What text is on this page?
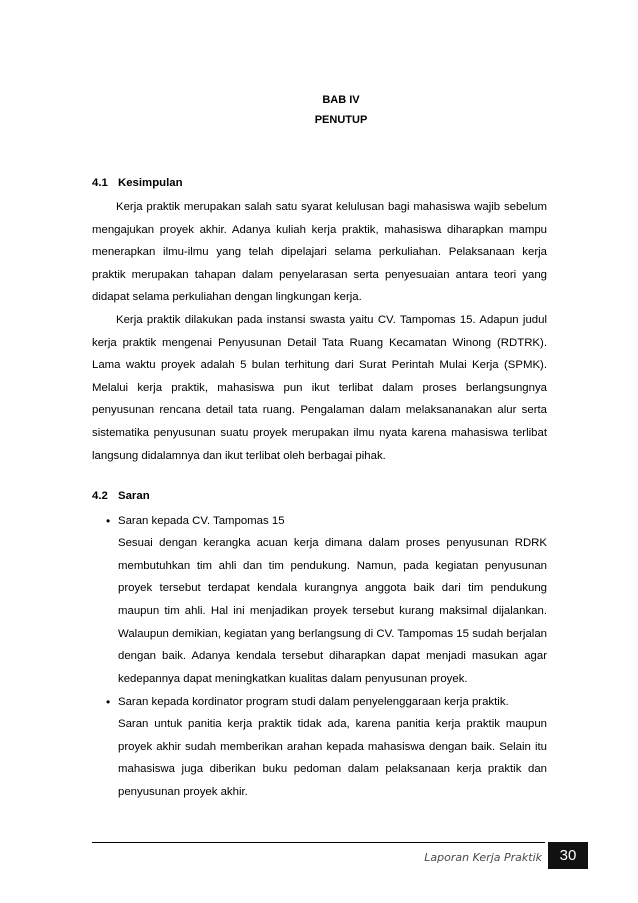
BAB IV
PENUTUP
4.1 Kesimpulan

Kerja praktik merupakan salah satu syarat kelulusan bagi mahasiswa wajib sebelum mengajukan proyek akhir. Adanya kuliah kerja praktik, mahasiswa diharapkan mampu menerapkan ilmu-ilmu yang telah dipelajari selama perkuliahan. Pelaksanaan kerja praktik merupakan tahapan dalam penyelarasan serta penyesuaian antara teori yang didapat selama perkuliahan dengan lingkungan kerja.

Kerja praktik dilakukan pada instansi swasta yaitu CV. Tampomas 15. Adapun judul kerja praktik mengenai Penyusunan Detail Tata Ruang Kecamatan Winong (RDTRK). Lama waktu proyek adalah 5 bulan terhitung dari Surat Perintah Mulai Kerja (SPMK). Melalui kerja praktik, mahasiswa pun ikut terlibat dalam proses berlangsungnya penyusunan rencana detail tata ruang. Pengalaman dalam melaksananakan alur serta sistematika penyusunan suatu proyek merupakan ilmu nyata karena mahasiswa terlibat langsung didalamnya dan ikut terlibat oleh berbagai pihak.

4.2 Saran
• Saran kepada CV. Tampomas 15

Sesuai dengan kerangka acuan kerja dimana dalam proses penyusunan RDRK membutuhkan tim ahli dan tim pendukung. Namun, pada kegiatan penyusunan proyek tersebut terdapat kendala kurangnya anggota baik dari tim pendukung maupun tim ahli. Hal ini menjadikan proyek tersebut kurang maksimal dijalankan. Walaupun demikian, kegiatan yang berlangsung di CV. Tampomas 15 sudah berjalan dengan baik. Adanya kendala tersebut diharapkan dapat menjadi masukan agar kedepannya dapat meningkatkan kualitas dalam penyusunan proyek.

• Saran kepada kordinator program studi dalam penyelenggaraan kerja praktik.

Saran untuk panitia kerja praktik tidak ada, karena panitia kerja praktik maupun proyek akhir sudah memberikan arahan kepada mahasiswa dengan baik. Selain itu mahasiswa juga diberikan buku pedoman dalam pelaksanaan kerja praktik dan penyusunan proyek akhir.

Laporan Kerja Praktik	30
